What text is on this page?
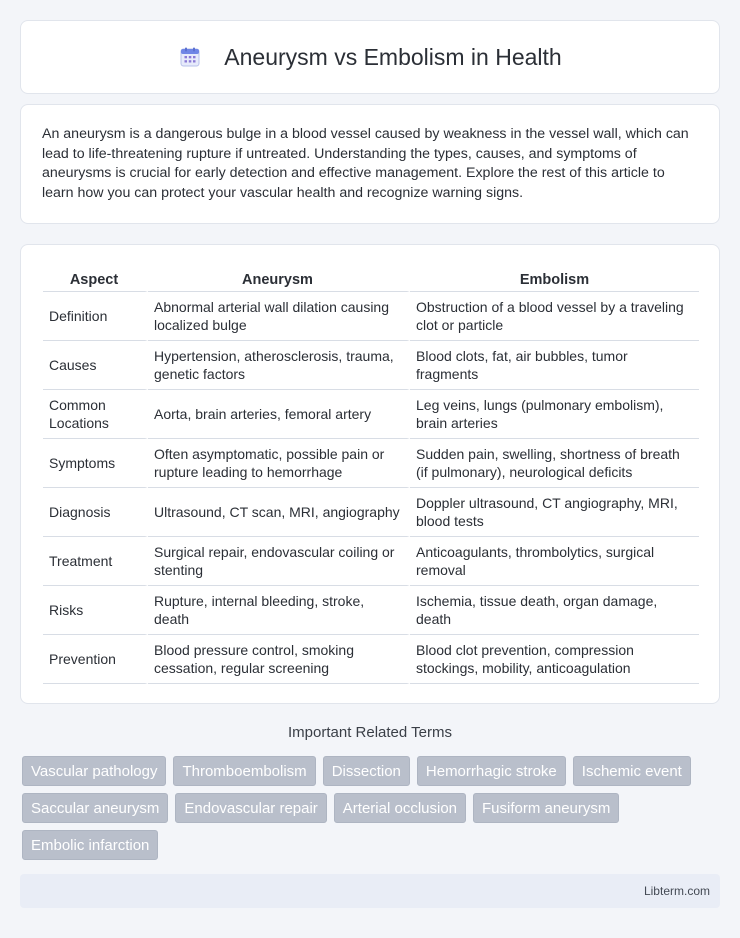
Aneurysm vs Embolism in Health

An aneurysm is a dangerous bulge in a blood vessel caused by weakness in the vessel wall, which can lead to life-threatening rupture if untreated. Understanding the types, causes, and symptoms of aneurysms is crucial for early detection and effective management. Explore the rest of this article to learn how you can protect your vascular health and recognize warning signs.

Aspect	Aneurysm	Embolism
Definition	Abnormal arterial wall dilation causing localized bulge	Obstruction of a blood vessel by a traveling clot or particle
Causes	Hypertension, atherosclerosis, trauma, genetic factors	Blood clots, fat, air bubbles, tumor fragments
Common Locations	Aorta, brain arteries, femoral artery	Leg veins, lungs (pulmonary embolism), brain arteries
Symptoms	Often asymptomatic, possible pain or rupture leading to hemorrhage	Sudden pain, swelling, shortness of breath (if pulmonary), neurological deficits
Diagnosis	Ultrasound, CT scan, MRI, angiography	Doppler ultrasound, CT angiography, MRI, blood tests
Treatment	Surgical repair, endovascular coiling or stenting	Anticoagulants, thrombolytics, surgical removal
Risks	Rupture, internal bleeding, stroke, death	Ischemia, tissue death, organ damage, death
Prevention	Blood pressure control, smoking cessation, regular screening	Blood clot prevention, compression stockings, mobility, anticoagulation
Important Related Terms
Vascular pathology	Thromboembolism	Dissection	Hemorrhagic stroke	Ischemic event
Saccular aneurysm	Endovascular repair	Arterial occlusion	Fusiform aneurysm
Embolic infarction
Libterm.com
